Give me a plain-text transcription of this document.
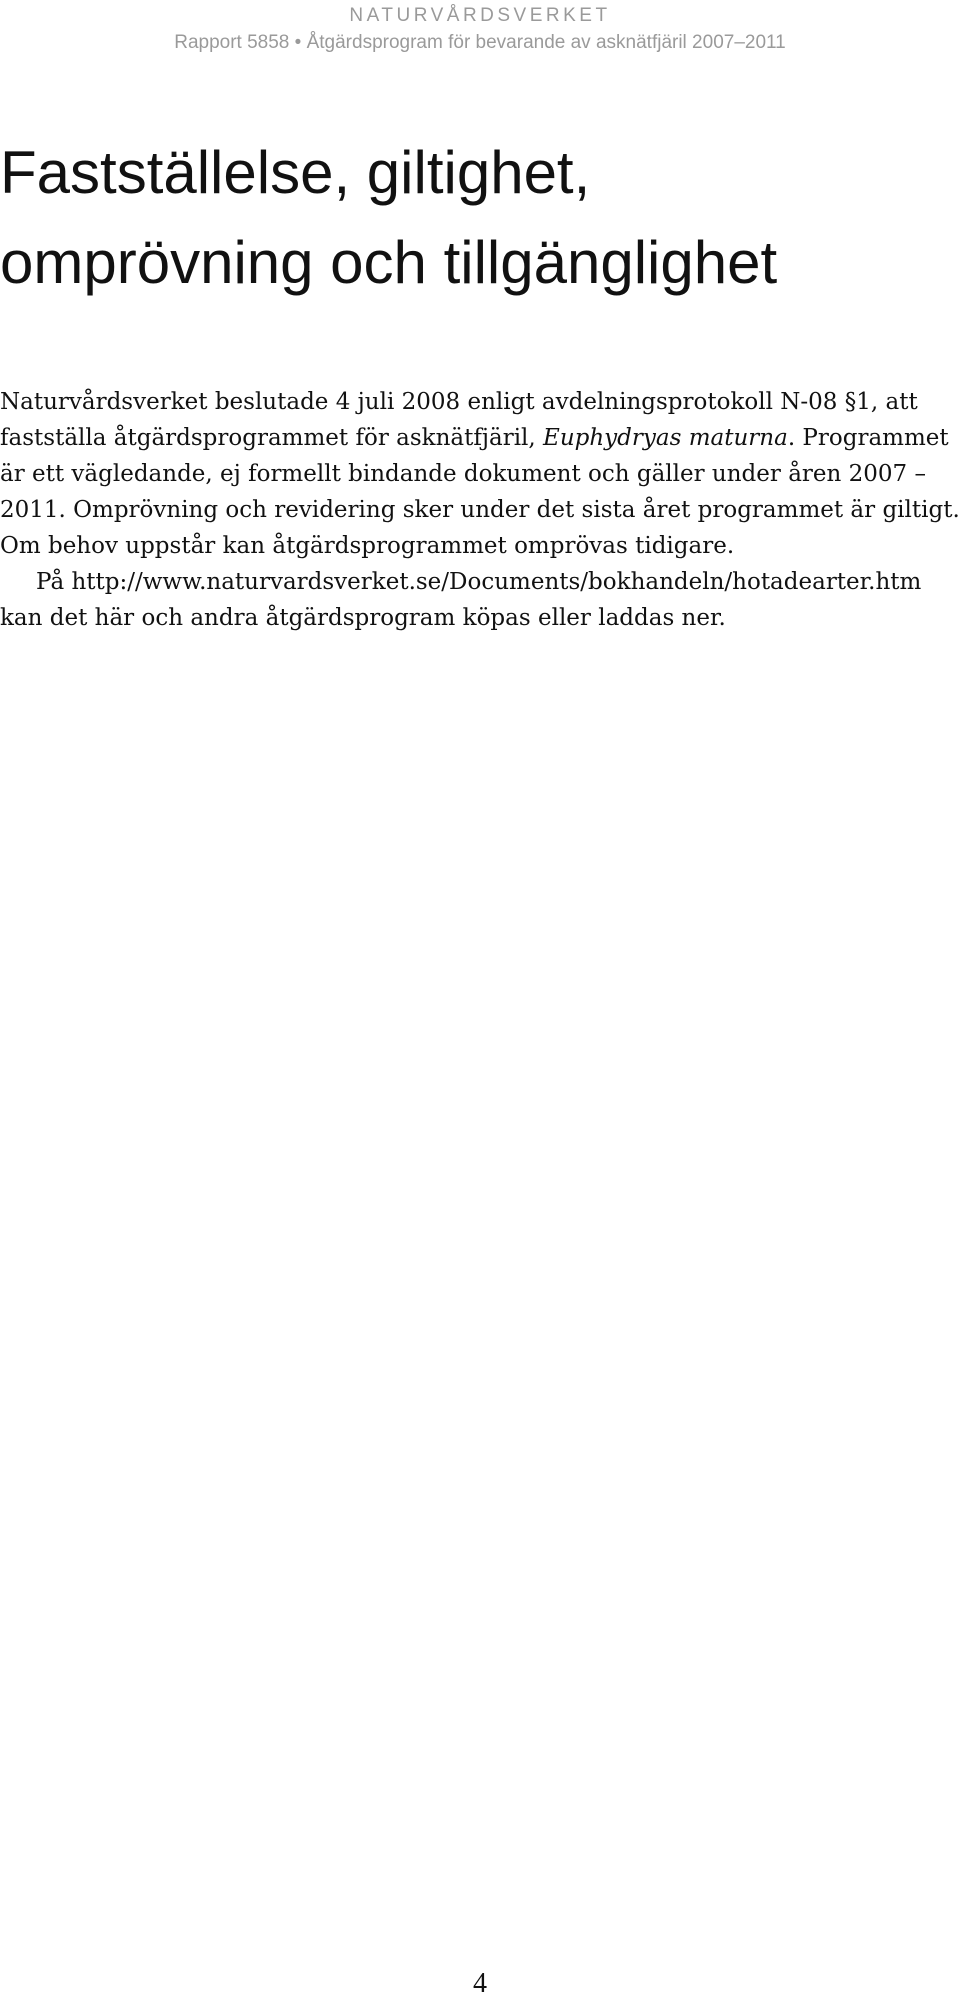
NATURVÅRDSVERKET
Rapport 5858 • Åtgärdsprogram för bevarande av asknätfjäril 2007–2011
Fastställelse, giltighet,
omprövning och tillgänglighet

Naturvårdsverket beslutade 4 juli 2008 enligt avdelningsprotokoll N-08 §1, att fastställa åtgärdsprogrammet för asknätfjäril, Euphydryas maturna. Programmet är ett vägledande, ej formellt bindande dokument och gäller under åren 2007 – 2011. Omprövning och revidering sker under det sista året programmet är giltigt. Om behov uppstår kan åtgärdsprogrammet omprövas tidigare.

På http://www.naturvardsverket.se/Documents/bokhandeln/hotadearter.htm kan det här och andra åtgärdsprogram köpas eller laddas ner.

4
